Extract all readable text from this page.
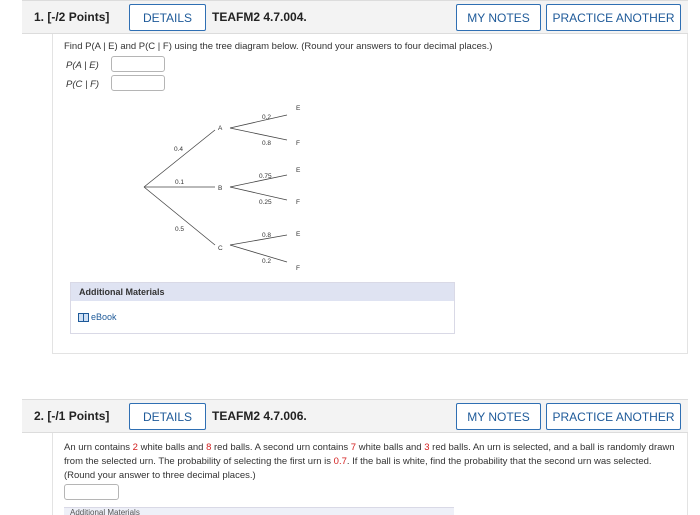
1. [-/2 Points]	DETAILS	TEAFM2 4.7.004.	MY NOTES	PRACTICE ANOTHER
Find P(A | E) and P(C | F) using the tree diagram below. (Round your answers to four decimal places.)
P(A | E)
P(C | F)
0.4
0.1
0.5
A
B
C
0.2
0.8
0.75
0.25
0.8
0.2
E
F
E
F
E
F
Additional Materials
eBook
2. [-/1 Points]	DETAILS	TEAFM2 4.7.006.	MY NOTES	PRACTICE ANOTHER
An urn contains 2 white balls and 8 red balls. A second urn contains 7 white balls and 3 red balls. An urn is selected, and a ball is randomly drawn from the selected urn. The probability of selecting the first urn is 0.7. If the ball is white, find the probability that the second urn was selected. (Round your answer to three decimal places.)
Additional Materials
